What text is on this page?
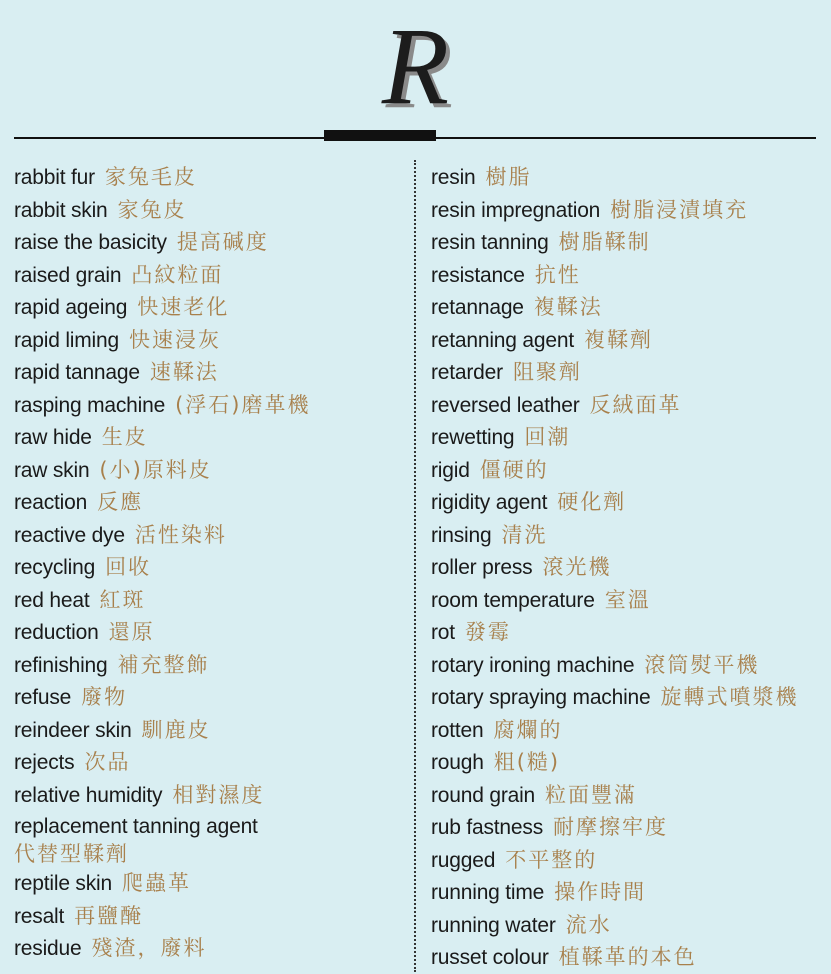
R
rabbit fur 家兔毛皮
rabbit skin 家兔皮
raise the basicity 提高碱度
raised grain 凸紋粒面
rapid ageing 快速老化
rapid liming 快速浸灰
rapid tannage 速鞣法
rasping machine (浮石)磨革機
raw hide 生皮
raw skin (小)原料皮
reaction 反應
reactive dye 活性染料
recycling 回收
red heat 紅斑
reduction 還原
refinishing 補充整飾
refuse 廢物
reindeer skin 馴鹿皮
rejects 次品
relative humidity 相對濕度
replacement tanning agent
代替型鞣劑
reptile skin 爬蟲革
resalt 再鹽醃
residue 殘渣，廢料
resin 樹脂
resin impregnation 樹脂浸漬填充
resin tanning 樹脂鞣制
resistance 抗性
retannage 複鞣法
retanning agent 複鞣劑
retarder 阻聚劑
reversed leather 反絨面革
rewetting 回潮
rigid 僵硬的
rigidity agent 硬化劑
rinsing 清洗
roller press 滾光機
room temperature 室溫
rot 發霉
rotary ironing machine 滾筒熨平機
rotary spraying machine 旋轉式噴漿機
rotten 腐爛的
rough 粗(糙)
round grain 粒面豐滿
rub fastness 耐摩擦牢度
rugged 不平整的
running time 操作時間
running water 流水
russet colour 植鞣革的本色
